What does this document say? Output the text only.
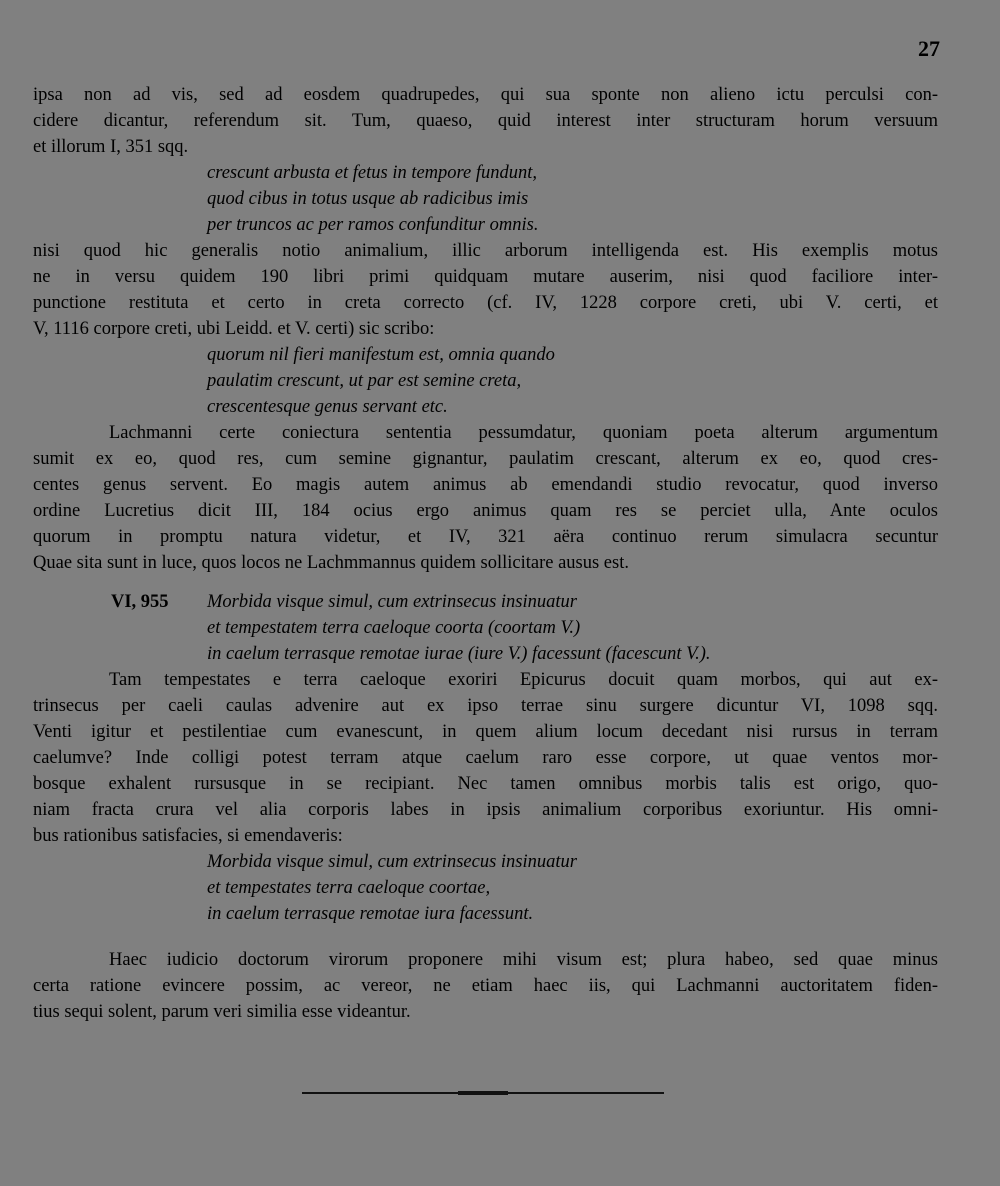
27
ipsa non ad vis, sed ad eosdem quadrupedes, qui sua sponte non alieno ictu perculsi con-
cidere dicantur, referendum sit. Tum, quaeso, quid interest inter structuram horum versuum
et illorum I, 351 sqq.
crescunt arbusta et fetus in tempore fundunt,
quod cibus in totus usque ab radicibus imis
per truncos ac per ramos confunditur omnis.
nisi quod hic generalis notio animalium, illic arborum intelligenda est. His exemplis motus
ne in versu quidem 190 libri primi quidquam mutare auserim, nisi quod faciliore inter-
punctione restituta et certo in creta correcto (cf. IV, 1228 corpore creti, ubi V. certi, et
V, 1116 corpore creti, ubi Leidd. et V. certi) sic scribo:
quorum nil fieri manifestum est, omnia quando
paulatim crescunt, ut par est semine creta,
crescentesque genus servant etc.
Lachmanni certe coniectura sententia pessumdatur, quoniam poeta alterum argumentum
sumit ex eo, quod res, cum semine gignantur, paulatim crescant, alterum ex eo, quod cres-
centes genus servent. Eo magis autem animus ab emendandi studio revocatur, quod inverso
ordine Lucretius dicit III, 184 ocius ergo animus quam res se perciet ulla, Ante oculos
quorum in promptu natura videtur, et IV, 321 aëra continuo rerum simulacra secuntur
Quae sita sunt in luce, quos locos ne Lachmmannus quidem sollicitare ausus est.
VI, 955 Morbida visque simul, cum extrinsecus insinuatur
et tempestatem terra caeloque coorta (coortam V.)
in caelum terrasque remotae iurae (iure V.) facessunt (facescunt V.).
Tam tempestates e terra caeloque exoriri Epicurus docuit quam morbos, qui aut ex-
trinsecus per caeli caulas advenire aut ex ipso terrae sinu surgere dicuntur VI, 1098 sqq.
Venti igitur et pestilentiae cum evanescunt, in quem alium locum decedant nisi rursus in terram
caelumve? Inde colligi potest terram atque caelum raro esse corpore, ut quae ventos mor-
bosque exhalent rursusque in se recipiant. Nec tamen omnibus morbis talis est origo, quo-
niam fracta crura vel alia corporis labes in ipsis animalium corporibus exoriuntur. His omni-
bus rationibus satisfacies, si emendaveris:
Morbida visque simul, cum extrinsecus insinuatur
et tempestates terra caeloque coortae,
in caelum terrasque remotae iura facessunt.
Haec iudicio doctorum virorum proponere mihi visum est; plura habeo, sed quae minus
certa ratione evincere possim, ac vereor, ne etiam haec iis, qui Lachmanni auctoritatem fiden-
tius sequi solent, parum veri similia esse videantur.
